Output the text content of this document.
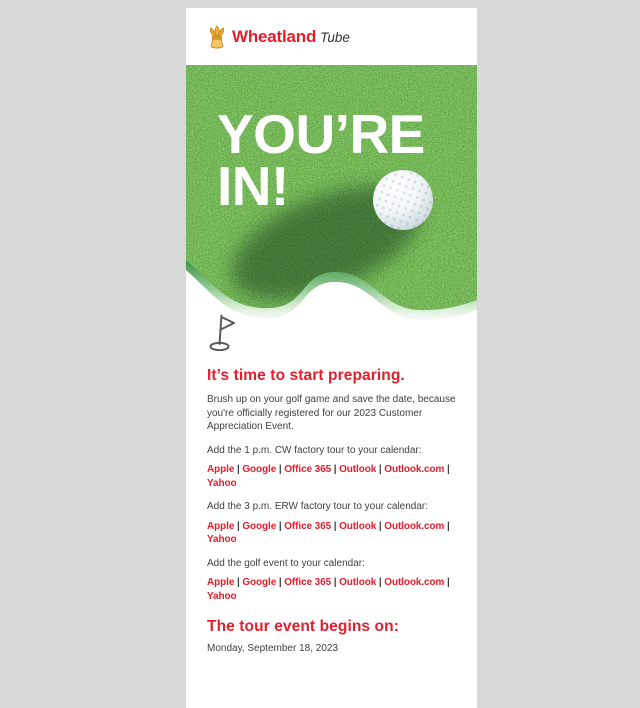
Wheatland Tube
YOU’RE
IN!
It’s time to start preparing.

Brush up on your golf game and save the date, because you're officially registered for our 2023 Customer Appreciation Event.

Add the 1 p.m. CW factory tour to your calendar:
Apple | Google | Office 365 | Outlook | Outlook.com |
Yahoo
Add the 3 p.m. ERW factory tour to your calendar:
Apple | Google | Office 365 | Outlook | Outlook.com |
Yahoo
Add the golf event to your calendar:
Apple | Google | Office 365 | Outlook | Outlook.com |
Yahoo
The tour event begins on:
Monday, September 18, 2023
